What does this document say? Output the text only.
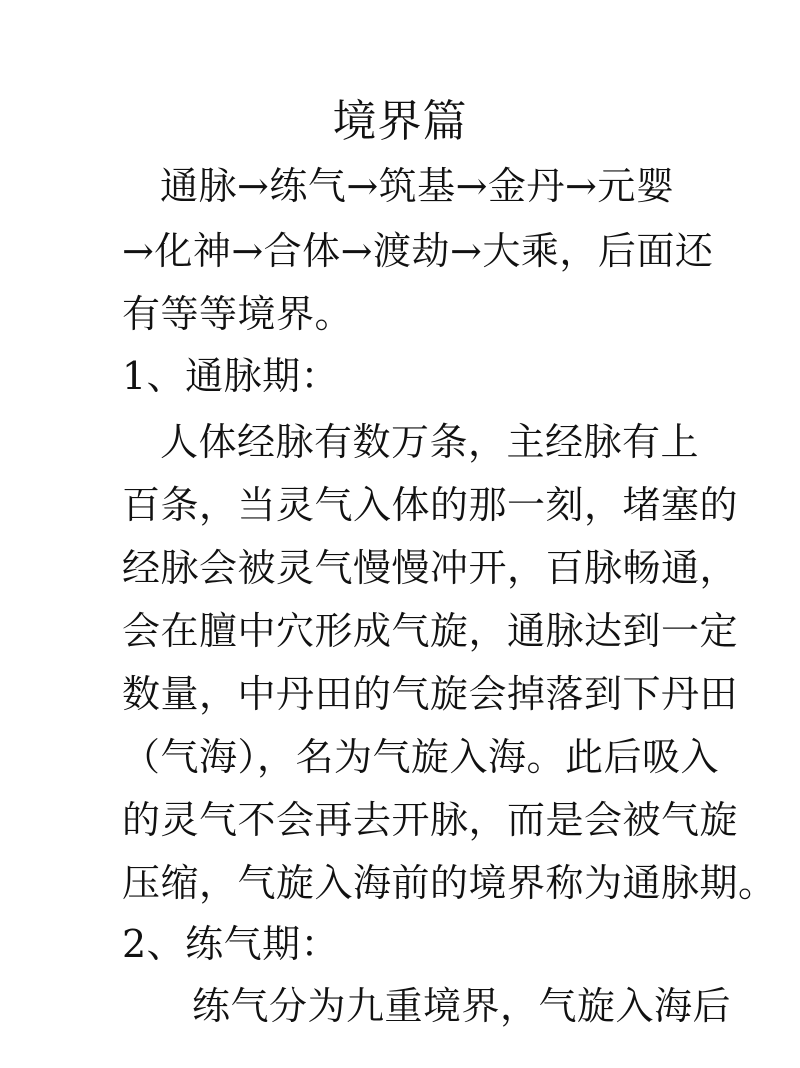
境界篇
通脉→练气→筑基→金丹→元婴
→化神→合体→渡劫→大乘，后面还
有等等境界。
1、通脉期：
人体经脉有数万条，主经脉有上
百条，当灵气入体的那一刻，堵塞的
经脉会被灵气慢慢冲开，百脉畅通，
会在膻中穴形成气旋，通脉达到一定
数量，中丹田的气旋会掉落到下丹田
（气海），名为气旋入海。此后吸入
的灵气不会再去开脉，而是会被气旋
压缩，气旋入海前的境界称为通脉期。
2、练气期：
练气分为九重境界，气旋入海后
